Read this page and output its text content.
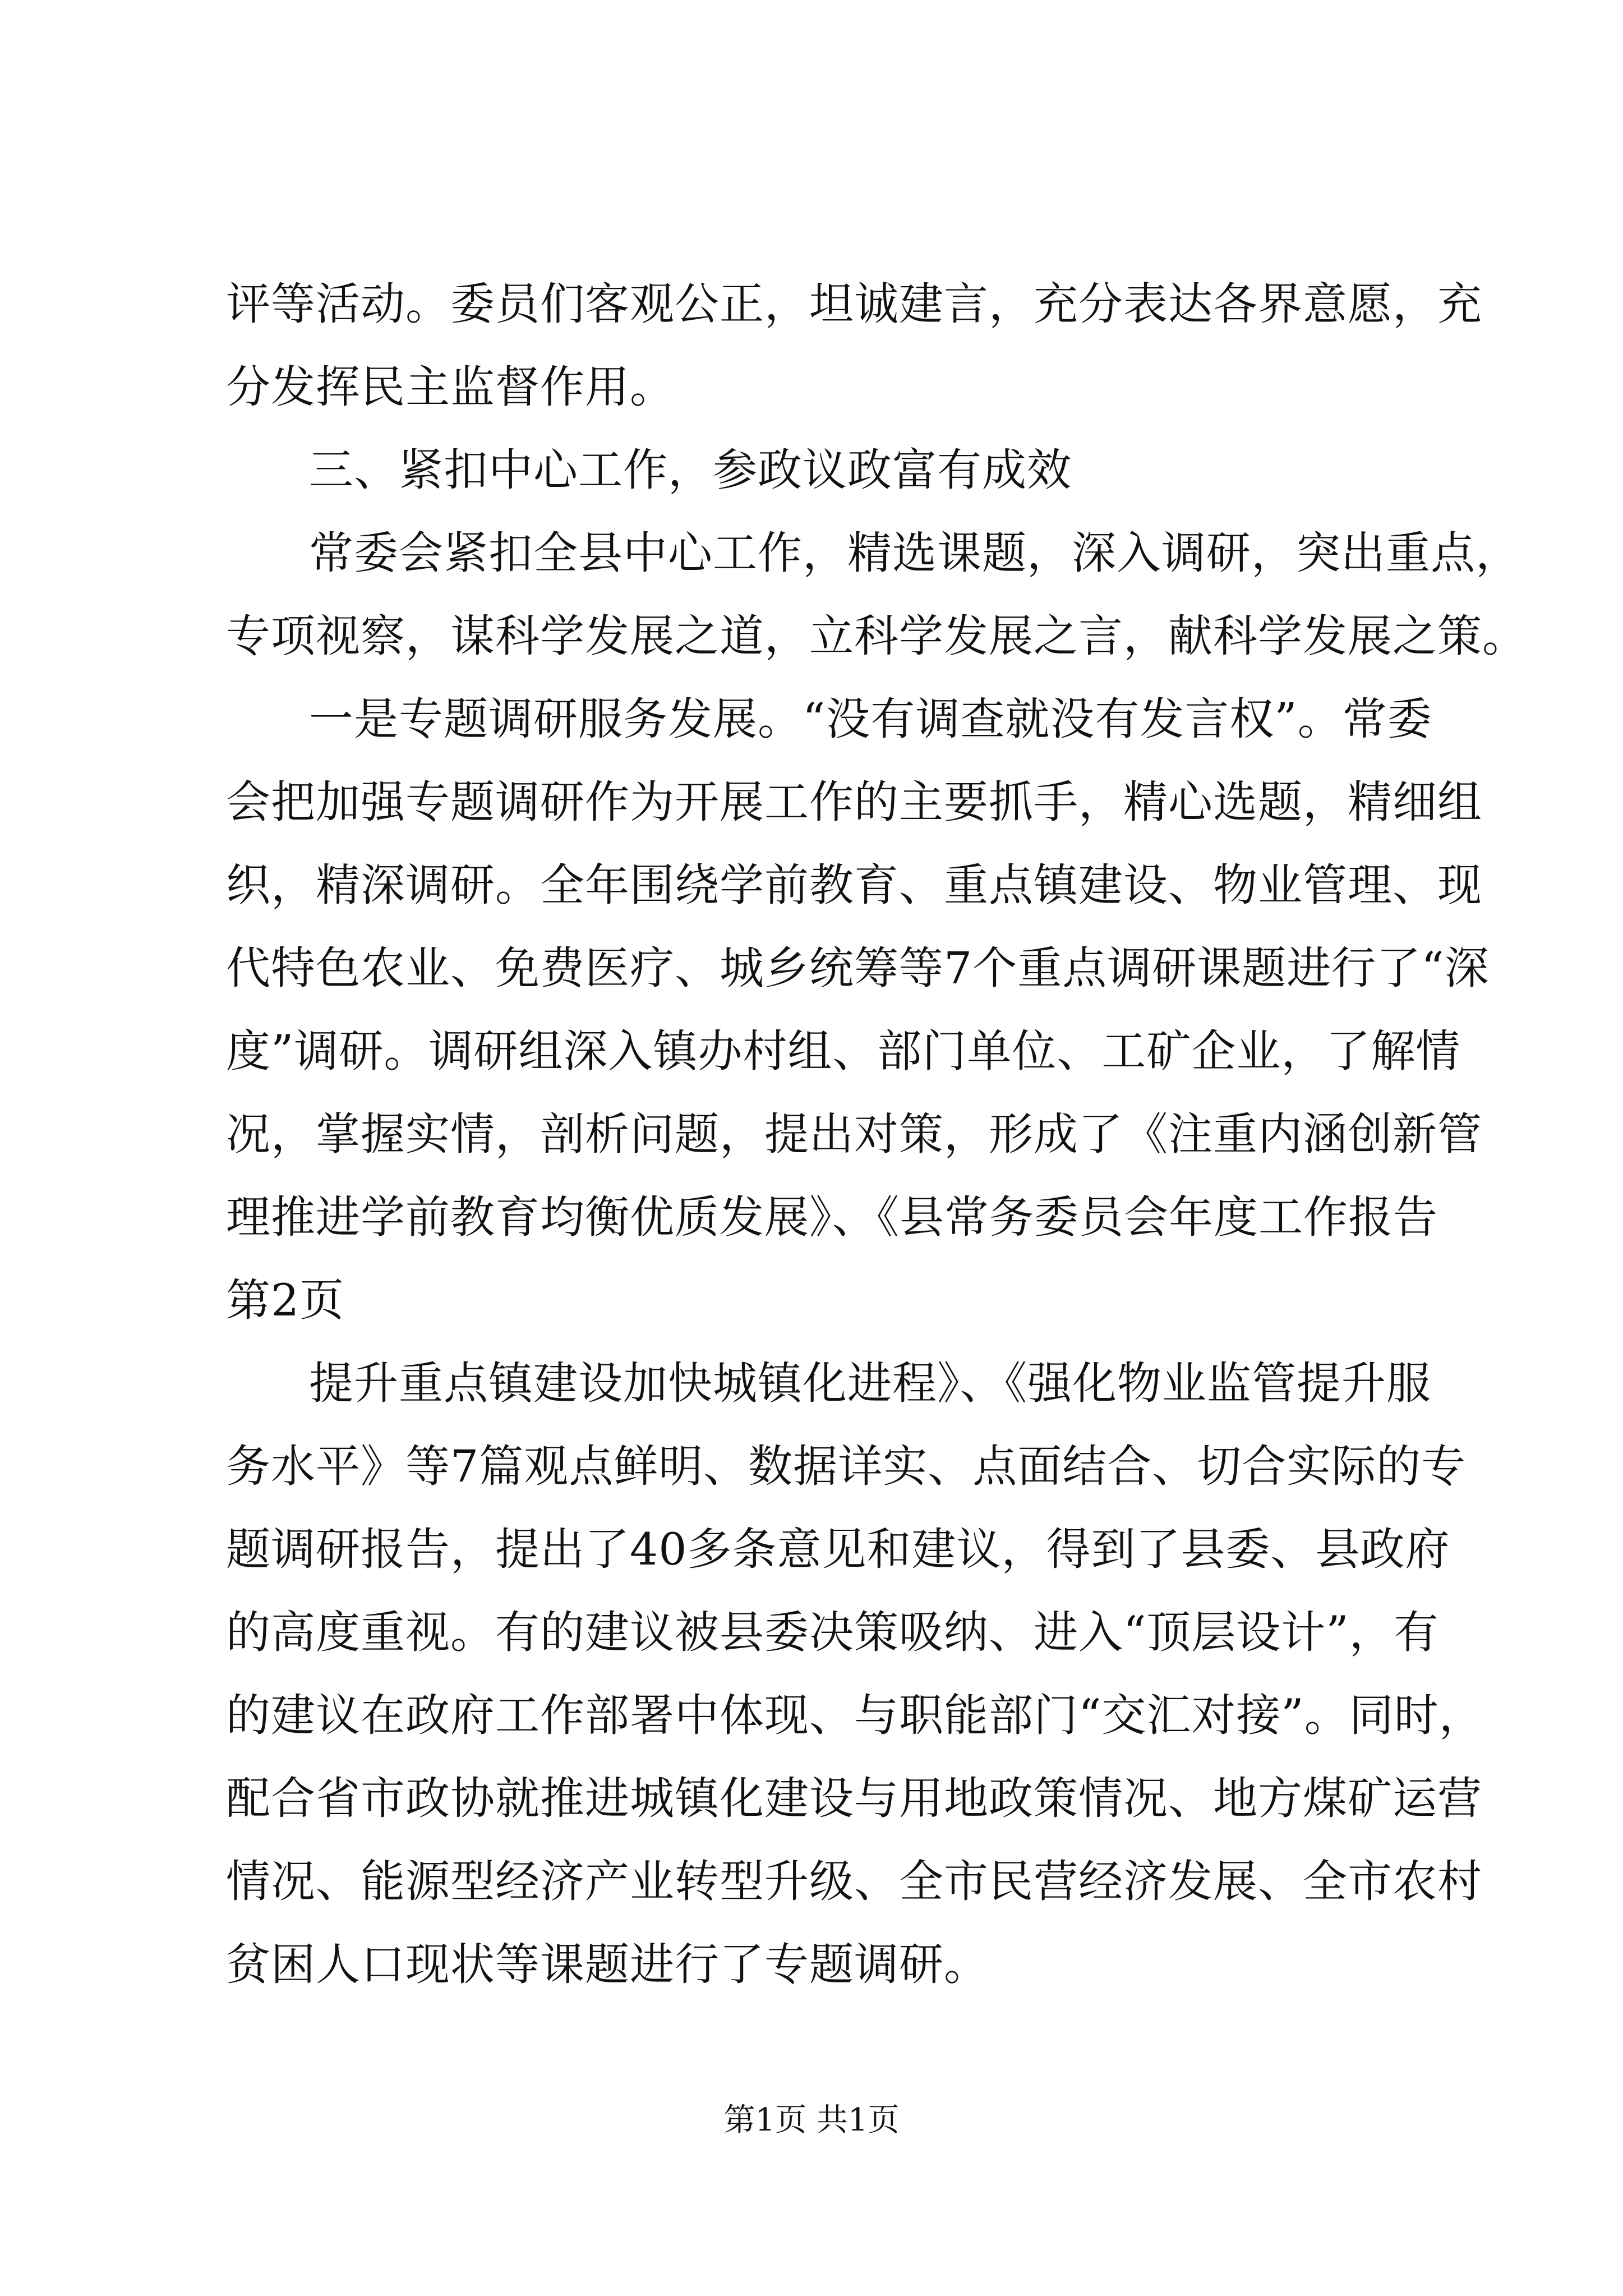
评等活动。委员们客观公正，坦诚建言，充分表达各界意愿，充
分发挥民主监督作用。
三、紧扣中心工作，参政议政富有成效
常委会紧扣全县中心工作，精选课题，深入调研，突出重点，
专项视察，谋科学发展之道，立科学发展之言，献科学发展之策。
一是专题调研服务发展。“没有调查就没有发言权”。常委
会把加强专题调研作为开展工作的主要抓手，精心选题，精细组
织，精深调研。全年围绕学前教育、重点镇建设、物业管理、现
代特色农业、免费医疗、城乡统筹等7个重点调研课题进行了“深
度”调研。调研组深入镇办村组、部门单位、工矿企业，了解情
况，掌握实情，剖析问题，提出对策，形成了《注重内涵创新管
理推进学前教育均衡优质发展》、《县常务委员会年度工作报告
第2页
提升重点镇建设加快城镇化进程》、《强化物业监管提升服
务水平》等7篇观点鲜明、数据详实、点面结合、切合实际的专
题调研报告，提出了40多条意见和建议，得到了县委、县政府
的高度重视。有的建议被县委决策吸纳、进入“顶层设计”，有
的建议在政府工作部署中体现、与职能部门“交汇对接”。同时，
配合省市政协就推进城镇化建设与用地政策情况、地方煤矿运营
情况、能源型经济产业转型升级、全市民营经济发展、全市农村
贫困人口现状等课题进行了专题调研。
第1页 共1页
